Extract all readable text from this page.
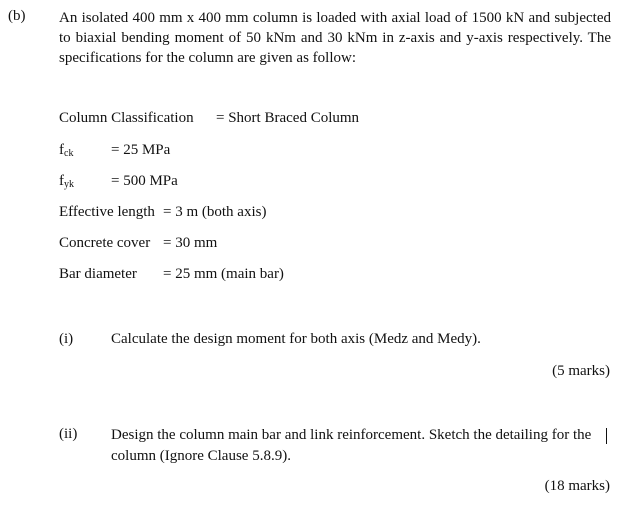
(b) An isolated 400 mm x 400 mm column is loaded with axial load of 1500 kN and subjected to biaxial bending moment of 50 kNm and 30 kNm in z-axis and y-axis respectively. The specifications for the column are given as follow:
Column Classification = Short Braced Column
$f_{ck}$	= 25 MPa
$f_{yk} = 500$ MPa
Effective length = 3 m (both axis)
Concrete cover = 30 mm
Bar diameter = 25 mm (main bar)
(i)	Calculate the design moment for both axis (Medz and Medy).
(5 marks)
(ii) Design the column main bar and link reinforcement. Sketch the detailing for the column (Ignore Clause 5.8.9).
(18 marks)
